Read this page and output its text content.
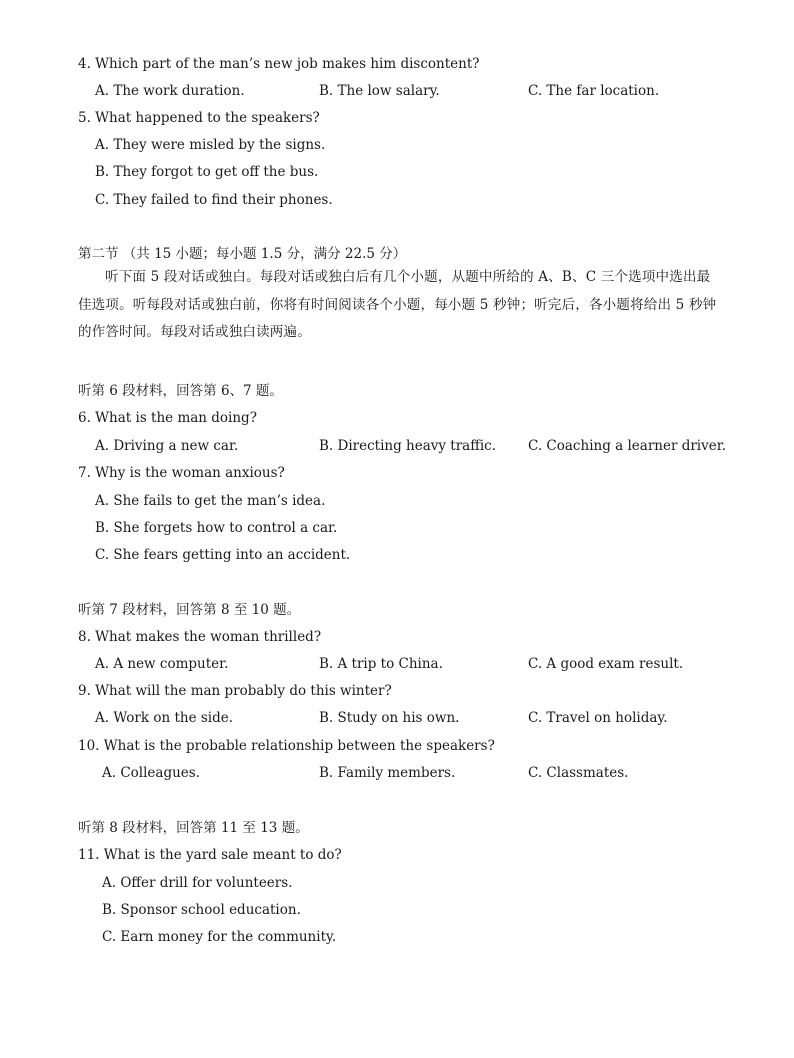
4. Which part of the man’s new job makes him discontent?
A. The work duration.	B. The low salary.	C. The far location.
5. What happened to the speakers?
A. They were misled by the signs.
B. They forgot to get off the bus.
C. They failed to find their phones.
第二节 （共 15 小题；每小题 1.5 分，满分 22.5 分）
听下面 5 段对话或独白。每段对话或独白后有几个小题，从题中所给的 A、B、C 三个选项中选出最佳选项。听每段对话或独白前，你将有时间阅读各个小题，每小题 5 秒钟；听完后，各小题将给出 5 秒钟的作答时间。每段对话或独白读两遍。
听第 6 段材料，回答第 6、7 题。
6. What is the man doing?
A. Driving a new car.	B. Directing heavy traffic. C. Coaching a learner driver.
7. Why is the woman anxious?
A. She fails to get the man’s idea.
B. She forgets how to control a car.
C. She fears getting into an accident.
听第 7 段材料，回答第 8 至 10 题。
8. What makes the woman thrilled?
A. A new computer.	B. A trip to China.	C. A good exam result.
9. What will the man probably do this winter?
A. Work on the side.	B. Study on his own.	C. Travel on holiday.
10. What is the probable relationship between the speakers?
A. Colleagues.	B. Family members.	C. Classmates.
听第 8 段材料，回答第 11 至 13 题。
11. What is the yard sale meant to do?
A. Offer drill for volunteers.
B. Sponsor school education.
C. Earn money for the community.
